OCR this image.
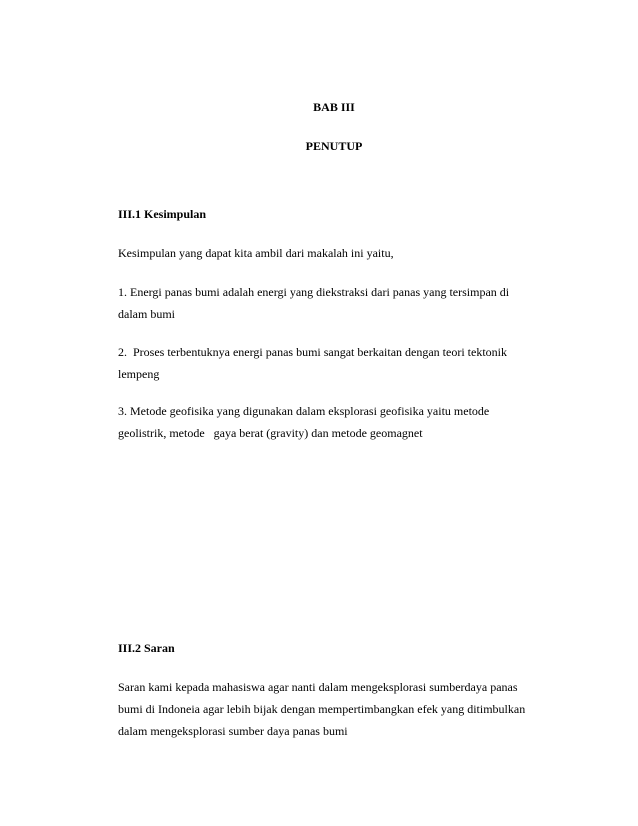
BAB III
PENUTUP
III.1 Kesimpulan
Kesimpulan yang dapat kita ambil dari makalah ini yaitu,
1. Energi panas bumi adalah energi yang diekstraksi dari panas yang tersimpan di
dalam bumi
2.  Proses terbentuknya energi panas bumi sangat berkaitan dengan teori tektonik
lempeng
3. Metode geofisika yang digunakan dalam eksplorasi geofisika yaitu metode
geolistrik, metode   gaya berat (gravity) dan metode geomagnet
III.2 Saran
Saran kami kepada mahasiswa agar nanti dalam mengeksplorasi sumberdaya panas
bumi di Indoneia agar lebih bijak dengan mempertimbangkan efek yang ditimbulkan
dalam mengeksplorasi sumber daya panas bumi
